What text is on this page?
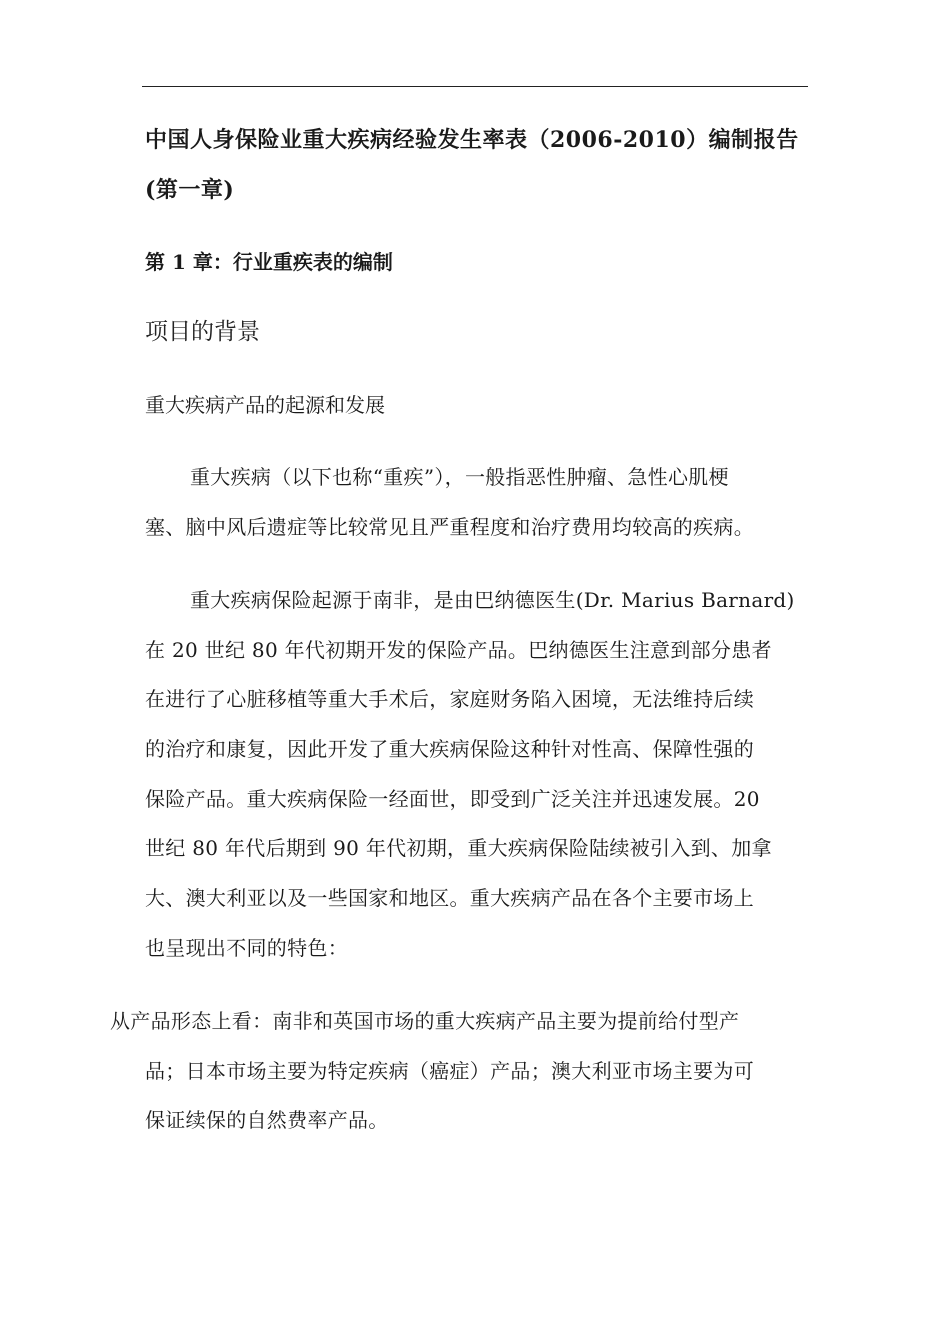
中国人身保险业重大疾病经验发生率表（2006-2010）编制报告
(第一章)
第 1 章：行业重疾表的编制
项目的背景
重大疾病产品的起源和发展
重大疾病（以下也称“重疾”），一般指恶性肿瘤、急性心肌梗
塞、脑中风后遗症等比较常见且严重程度和治疗费用均较高的疾病。
重大疾病保险起源于南非，是由巴纳德医生(Dr. Marius Barnard)
在 20 世纪 80 年代初期开发的保险产品。巴纳德医生注意到部分患者
在进行了心脏移植等重大手术后，家庭财务陷入困境，无法维持后续
的治疗和康复，因此开发了重大疾病保险这种针对性高、保障性强的
保险产品。重大疾病保险一经面世，即受到广泛关注并迅速发展。20
世纪 80 年代后期到 90 年代初期，重大疾病保险陆续被引入到、加拿
大、澳大利亚以及一些国家和地区。重大疾病产品在各个主要市场上
也呈现出不同的特色：
从产品形态上看：南非和英国市场的重大疾病产品主要为提前给付型产
品；日本市场主要为特定疾病（癌症）产品；澳大利亚市场主要为可
保证续保的自然费率产品。
